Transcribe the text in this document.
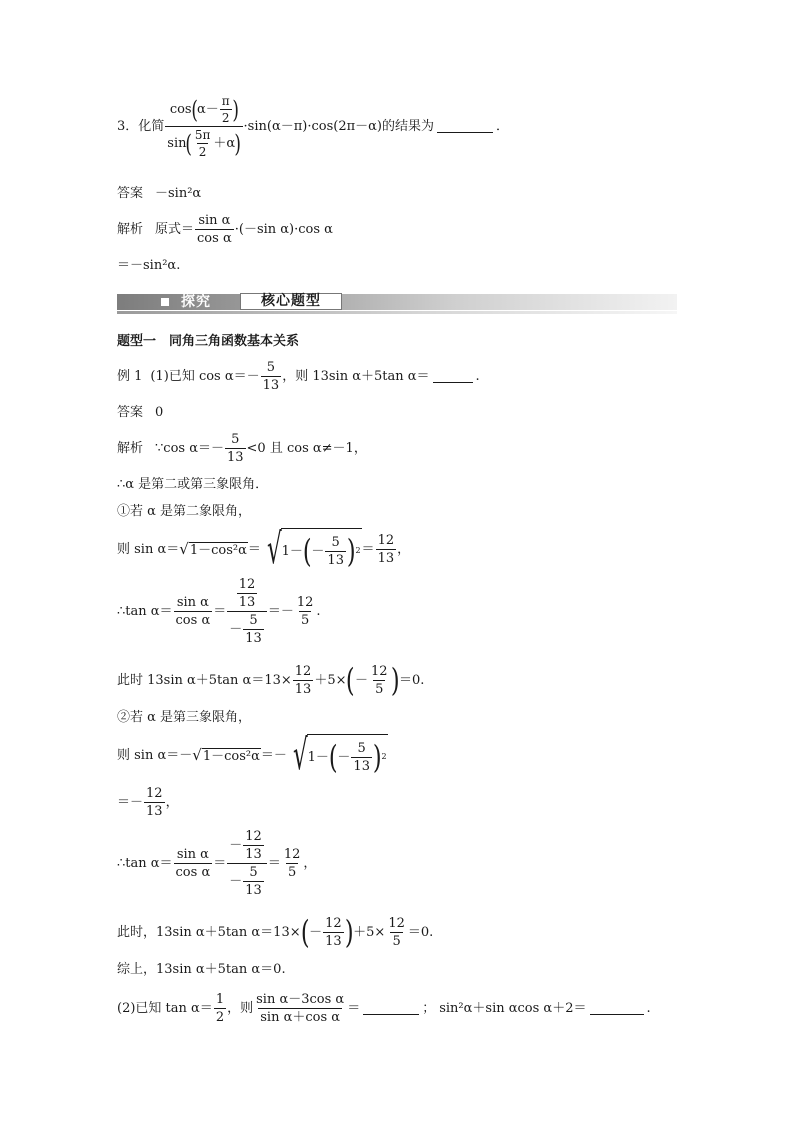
3．化简
cos ( $\alpha- \frac{\pi}{2}$ )
sin ( $\frac{5\pi}{2} +\alpha$ )
·sin(α－π)·cos(2π－α)的结果为	．
答案 －sin²α
解析 原式＝ $\frac{\text{sin α}}{\text{cos α}} \cdot(-\sin$ α)·cos α
＝－sin²α.
探究	核心题型
题型一　同角三角函数基本关系
例 1 (1)已知 $\cos \alpha=- \frac{5}{13}$ ，则 13sin α＋5tan α＝	.
答案 0
解析 ∵cos $\alpha=- \frac{5}{13} <0$ 且 cos α≠－1，
∴α 是第二或第三象限角．
①若 α 是第二象限角，
则 sin α＝ √ 1－cos²α ＝ √ 1－ ( － $\frac{5}{13}$ ) $2 = \frac{12}{13}$ ，
∴tan $\alpha= \frac{\text{sin α}}{\text{cos α}} = \frac{\frac{12}{13}}{- \frac{5}{13}} =- \frac{12}{5}$ .
此时 13sin α＋5tan $\alpha=13\times \frac{12}{13} +5\times$ ( － $\frac{12}{5}$ ) ＝0.
②若 α 是第三象限角，
则 sin α＝－ √ 1－cos²α ＝－ √ 1－ ( － $\frac{5}{13}$ ) 2
＝－ $\frac{12}{13}$ ，
∴tan $\alpha= \frac{\text{sin α}}{\text{cos α}} = \frac{- \frac{12}{13}}{- \frac{5}{13}} = \frac{12}{5}$ ，
此时，13sin α＋5tan α＝13× ( － $\frac{12}{13}$ ) $+5\times \frac{12}{5} =0$.
综上，13sin α＋5tan α＝0.
(2)已知 $\tan \alpha= \frac{1}{2}$ ，则 $\frac{\text{sin α－3cos α}}{\text{sin α＋cos α}}$ ＝	； sin²α＋sin αcos α＋2＝	.
